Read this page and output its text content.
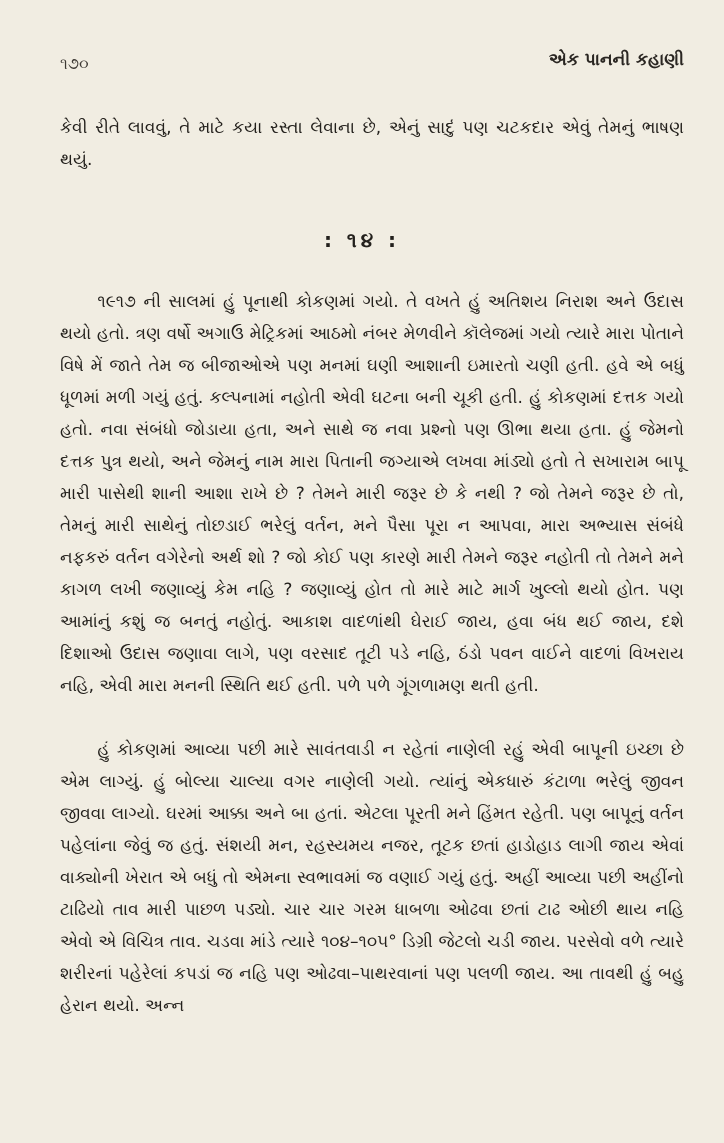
૧૭૦	એક પાનની કહાણી

કેવી રીતે લાવવું, તે માટે કયા રસ્તા લેવાના છે, એનું સાદું પણ ચટકદાર એવું તેમનું ભાષણ થયું.

: ૧૪ :

૧૯૧૭ ની સાલમાં હું પૂનાથી કોકણમાં ગયો. તે વખતે હું અતિશય નિરાશ અને ઉદાસ થયો હતો. ત્રણ વર્ષો અગાઉ મેટ્રિકમાં આઠમો નંબર મેળવીને કૉલેજમાં ગયો ત્યારે મારા પોતાને વિષે મેં જાતે તેમ જ બીજાઓએ પણ મનમાં ઘણી આશાની ઇમારતો ચણી હતી. હવે એ બધું ધૂળમાં મળી ગયું હતું. કલ્પનામાં નહોતી એવી ઘટના બની ચૂકી હતી. હું કોકણમાં દત્તક ગયો હતો. નવા સંબંધો જોડાયા હતા, અને સાથે જ નવા પ્રશ્નો પણ ઊભા થયા હતા. હું જેમનો દત્તક પુત્ર થયો, અને જેમનું નામ મારા પિતાની જગ્યાએ લખવા માંડ્યો હતો તે સખારામ બાપૂ મારી પાસેથી શાની આશા રાખે છે ? તેમને મારી જરૂર છે કે નથી ? જો તેમને જરૂર છે તો, તેમનું મારી સાથેનું તોછડાઈ ભરેલું વર્તન, મને પૈસા પૂરા ન આપવા, મારા અભ્યાસ સંબંધે નફકરું વર્તન વગેરેનો અર્થ શો ? જો કોઈ પણ કારણે મારી તેમને જરૂર નહોતી તો તેમને મને કાગળ લખી જણાવ્યું કેમ નહિ ? જણાવ્યું હોત તો મારે માટે માર્ગ ખુલ્લો થયો હોત. પણ આમાંનું કશું જ બનતું નહોતું. આકાશ વાદળાંથી ઘેરાઈ જાય, હવા બંધ થઈ જાય, દશે દિશાઓ ઉદાસ જણાવા લાગે, પણ વરસાદ તૂટી પડે નહિ, ઠંડો પવન વાઈને વાદળાં વિખરાય નહિ, એવી મારા મનની સ્થિતિ થઈ હતી. પળે પળે ગૂંગળામણ થતી હતી.

હું કોકણમાં આવ્યા પછી મારે સાવંતવાડી ન રહેતાં નાણેલી રહું એવી બાપૂની ઇચ્છા છે એમ લાગ્યું. હું બોલ્યા ચાલ્યા વગર નાણેલી ગયો. ત્યાંનું એકધારું કંટાળા ભરેલું જીવન જીવવા લાગ્યો. ઘરમાં આક્કા અને બા હતાં. એટલા પૂરતી મને હિંમત રહેતી. પણ બાપૂનું વર્તન પહેલાંના જેવું જ હતું. સંશયી મન, રહસ્યમય નજર, તૂટક છતાં હાડોહાડ લાગી જાય એવાં વાક્યોની ખેરાત એ બધું તો એમના સ્વભાવમાં જ વણાઈ ગયું હતું. અહીં આવ્યા પછી અહીંનો ટાઢિયો તાવ મારી પાછળ પડ્યો. ચાર ચાર ગરમ ધાબળા ઓઢવા છતાં ટાઢ ઓછી થાય નહિ એવો એ વિચિત્ર તાવ. ચડવા માંડે ત્યારે ૧૦૪–૧૦૫° ડિગ્રી જેટલો ચડી જાય. પરસેવો વળે ત્યારે શરીરનાં પહેરેલાં કપડાં જ નહિ પણ ઓઢવા–પાથરવાનાં પણ પલળી જાય. આ તાવથી હું બહુ હેરાન થયો. અન્ન
